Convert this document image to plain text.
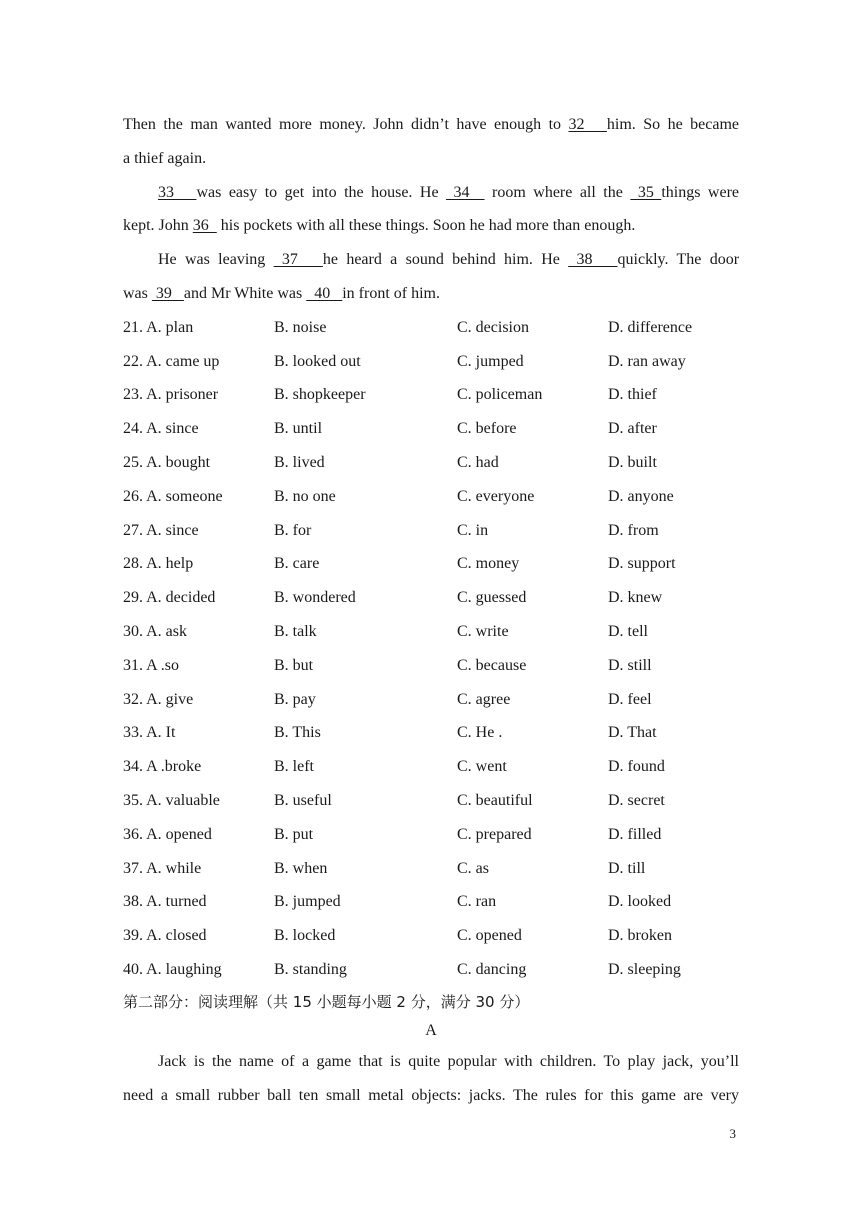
Then the man wanted more money. John didn’t have enough to 32   him. So he became
a thief again.
33   was easy to get into the house. He  34   room where all the  35 things were
kept. John 36   his pockets with all these things. Soon he had more than enough.
He was leaving  37   he heard a sound behind him. He  38   quickly. The door
was  39   and Mr White was   40   in front of him.
21. A. plan	B. noise	C. decision	D. difference
22. A. came up	B. looked out	C. jumped	D. ran away
23. A. prisoner	B. shopkeeper	C. policeman	D. thief
24. A. since	B. until	C. before	D. after
25. A. bought	B. lived	C. had	D. built
26. A. someone	B. no one	C. everyone	D. anyone
27. A. since	B. for	C. in	D. from
28. A. help	B. care	C. money	D. support
29. A. decided	B. wondered	C. guessed	D. knew
30. A. ask	B. talk	C. write	D. tell
31. A .so	B. but	C. because	D. still
32. A. give	B. pay	C. agree	D. feel
33. A. It	B. This	C. He .	D. That
34. A .broke	B. left	C. went	D. found
35. A. valuable	B. useful	C. beautiful	D. secret
36. A. opened	B. put	C. prepared	D. filled
37. A. while	B. when	C. as	D. till
38. A. turned	B. jumped	C. ran	D. looked
39. A. closed	B. locked	C. opened	D. broken
40. A. laughing	B. standing	C. dancing	D. sleeping
第二部分：阅读理解（共 15 小题每小题 2 分，满分 30 分）
A
Jack is the name of a game that is quite popular with children. To play jack, you’ll
need a small rubber ball ten small metal objects: jacks. The rules for this game are very
3
